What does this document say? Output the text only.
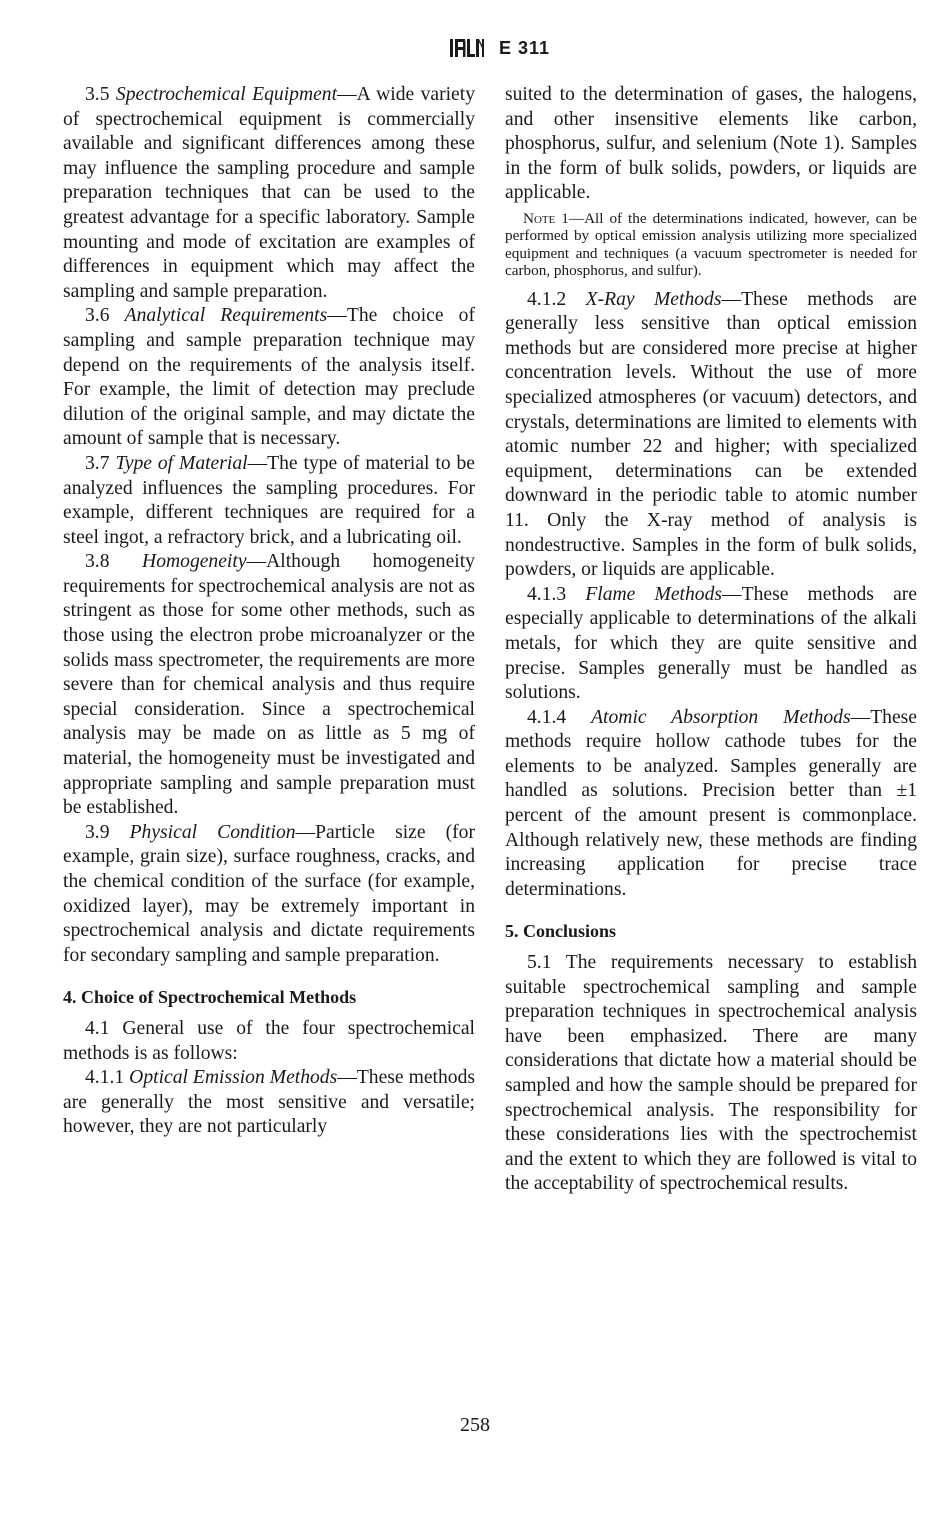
E 311

3.5 Spectrochemical Equipment—A wide variety of spectrochemical equipment is commercially available and significant differences among these may influence the sampling procedure and sample preparation techniques that can be used to the greatest advantage for a specific laboratory. Sample mounting and mode of excitation are examples of differences in equipment which may affect the sampling and sample preparation.

3.6 Analytical Requirements—The choice of sampling and sample preparation technique may depend on the requirements of the analysis itself. For example, the limit of detection may preclude dilution of the original sample, and may dictate the amount of sample that is necessary.

3.7 Type of Material—The type of material to be analyzed influences the sampling procedures. For example, different techniques are required for a steel ingot, a refractory brick, and a lubricating oil.

3.8 Homogeneity—Although homogeneity requirements for spectrochemical analysis are not as stringent as those for some other methods, such as those using the electron probe microanalyzer or the solids mass spectrometer, the requirements are more severe than for chemical analysis and thus require special consideration. Since a spectrochemical analysis may be made on as little as 5 mg of material, the homogeneity must be investigated and appropriate sampling and sample preparation must be established.

3.9 Physical Condition—Particle size (for example, grain size), surface roughness, cracks, and the chemical condition of the surface (for example, oxidized layer), may be extremely important in spectrochemical analysis and dictate requirements for secondary sampling and sample preparation.

4. Choice of Spectrochemical Methods

4.1 General use of the four spectrochemical methods is as follows:

4.1.1 Optical Emission Methods—These methods are generally the most sensitive and versatile; however, they are not particularly

suited to the determination of gases, the halogens, and other insensitive elements like carbon, phosphorus, sulfur, and selenium (Note 1). Samples in the form of bulk solids, powders, or liquids are applicable.

Note 1—All of the determinations indicated, however, can be performed by optical emission analysis utilizing more specialized equipment and techniques (a vacuum spectrometer is needed for carbon, phosphorus, and sulfur).

4.1.2 X-Ray Methods—These methods are generally less sensitive than optical emission methods but are considered more precise at higher concentration levels. Without the use of more specialized atmospheres (or vacuum) detectors, and crystals, determinations are limited to elements with atomic number 22 and higher; with specialized equipment, determinations can be extended downward in the periodic table to atomic number 11. Only the X-ray method of analysis is nondestructive. Samples in the form of bulk solids, powders, or liquids are applicable.

4.1.3 Flame Methods—These methods are especially applicable to determinations of the alkali metals, for which they are quite sensitive and precise. Samples generally must be handled as solutions.

4.1.4 Atomic Absorption Methods—These methods require hollow cathode tubes for the elements to be analyzed. Samples generally are handled as solutions. Precision better than ±1 percent of the amount present is commonplace. Although relatively new, these methods are finding increasing application for precise trace determinations.

5. Conclusions

5.1 The requirements necessary to establish suitable spectrochemical sampling and sample preparation techniques in spectrochemical analysis have been emphasized. There are many considerations that dictate how a material should be sampled and how the sample should be prepared for spectrochemical analysis. The responsibility for these considerations lies with the spectrochemist and the extent to which they are followed is vital to the acceptability of spectrochemical results.

258
